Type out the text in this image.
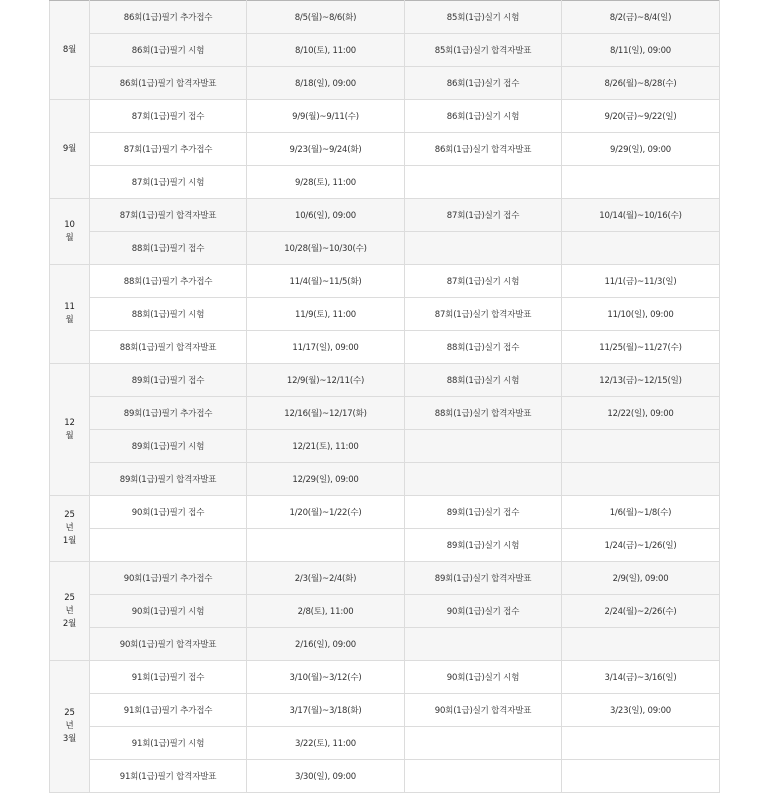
8월	86회(1급)필기 추가접수	8/5(월)~8/6(화)	85회(1급)실기 시험	8/2(금)~8/4(일)
	86회(1급)필기 시험	8/10(토), 11:00	85회(1급)실기 합격자발표	8/11(일), 09:00
	86회(1급)필기 합격자발표	8/18(일), 09:00	86회(1급)실기 접수	8/26(월)~8/28(수)
9월	87회(1급)필기 접수	9/9(월)~9/11(수)	86회(1급)실기 시험	9/20(금)~9/22(일)
	87회(1급)필기 추가접수	9/23(월)~9/24(화)	86회(1급)실기 합격자발표	9/29(일), 09:00
	87회(1급)필기 시험	9/28(토), 11:00		
10
월	87회(1급)필기 합격자발표	10/6(일), 09:00	87회(1급)실기 접수	10/14(월)~10/16(수)
	88회(1급)필기 접수	10/28(월)~10/30(수)		
11
월	88회(1급)필기 추가접수	11/4(월)~11/5(화)	87회(1급)실기 시험	11/1(금)~11/3(일)
	88회(1급)필기 시험	11/9(토), 11:00	87회(1급)실기 합격자발표	11/10(일), 09:00
	88회(1급)필기 합격자발표	11/17(일), 09:00	88회(1급)실기 접수	11/25(월)~11/27(수)
12
월	89회(1급)필기 접수	12/9(월)~12/11(수)	88회(1급)실기 시험	12/13(금)~12/15(일)
	89회(1급)필기 추가접수	12/16(월)~12/17(화)	88회(1급)실기 합격자발표	12/22(일), 09:00
	89회(1급)필기 시험	12/21(토), 11:00		
	89회(1급)필기 합격자발표	12/29(일), 09:00		
25
년
1월	90회(1급)필기 접수	1/20(월)~1/22(수)	89회(1급)실기 접수	1/6(월)~1/8(수)
			89회(1급)실기 시험	1/24(금)~1/26(일)
25
년
2월	90회(1급)필기 추가접수	2/3(월)~2/4(화)	89회(1급)실기 합격자발표	2/9(일), 09:00
	90회(1급)필기 시험	2/8(토), 11:00	90회(1급)실기 접수	2/24(월)~2/26(수)
	90회(1급)필기 합격자발표	2/16(일), 09:00		
25
년
3월	91회(1급)필기 접수	3/10(월)~3/12(수)	90회(1급)실기 시험	3/14(금)~3/16(일)
	91회(1급)필기 추가접수	3/17(월)~3/18(화)	90회(1급)실기 합격자발표	3/23(일), 09:00
	91회(1급)필기 시험	3/22(토), 11:00		
	91회(1급)필기 합격자발표	3/30(일), 09:00		
